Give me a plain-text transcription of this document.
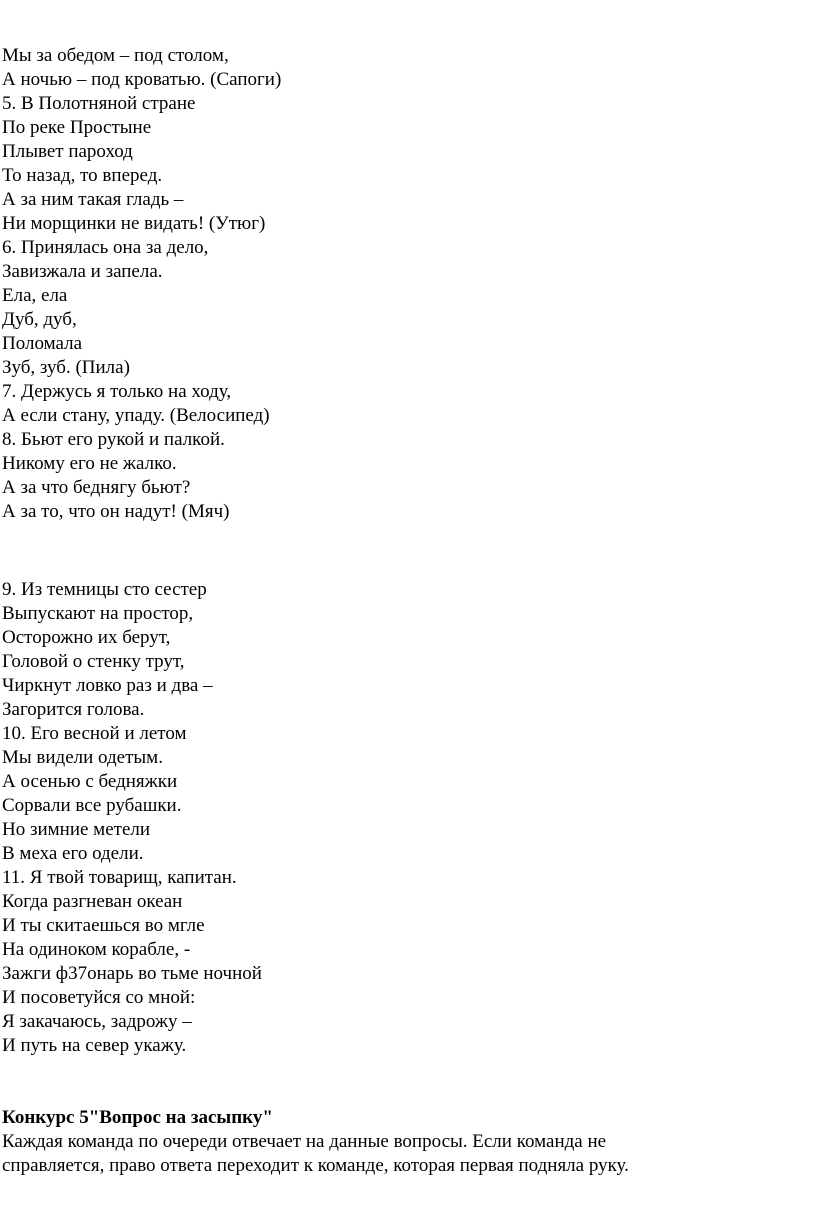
Мы за обедом – под столом,
А ночью – под кроватью. (Сапоги)
5. В Полотняной стране
По реке Простыне
Плывет пароход
То назад, то вперед.
А за ним такая гладь –
Ни морщинки не видать! (Утюг)
6. Принялась она за дело,
Завизжала и запела.
Ела, ела
Дуб, дуб,
Поломала
Зуб, зуб. (Пила)
7. Держусь я только на ходу,
А если стану, упаду. (Велосипед)
8. Бьют его рукой и палкой.
Никому его не жалко.
А за что беднягу бьют?
А за то, что он надут! (Мяч)
9. Из темницы сто сестер
Выпускают на простор,
Осторожно их берут,
Головой о стенку трут,
Чиркнут ловко раз и два –
Загорится голова.
10. Его весной и летом
Мы видели одетым.
А осенью с бедняжки
Сорвали все рубашки.
Но зимние метели
В меха его одели.
11. Я твой товарищ, капитан.
Когда разгневан океан
И ты скитаешься во мгле
На одиноком корабле, -
Зажги ф37онарь во тьме ночной
И посоветуйся со мной:
Я закачаюсь, задрожу –
И путь на север укажу.
Конкурс 5"Вопрос на засыпку"
Каждая команда по очереди отвечает на данные вопросы. Если команда не
справляется, право ответа переходит к команде, которая первая подняла руку.
